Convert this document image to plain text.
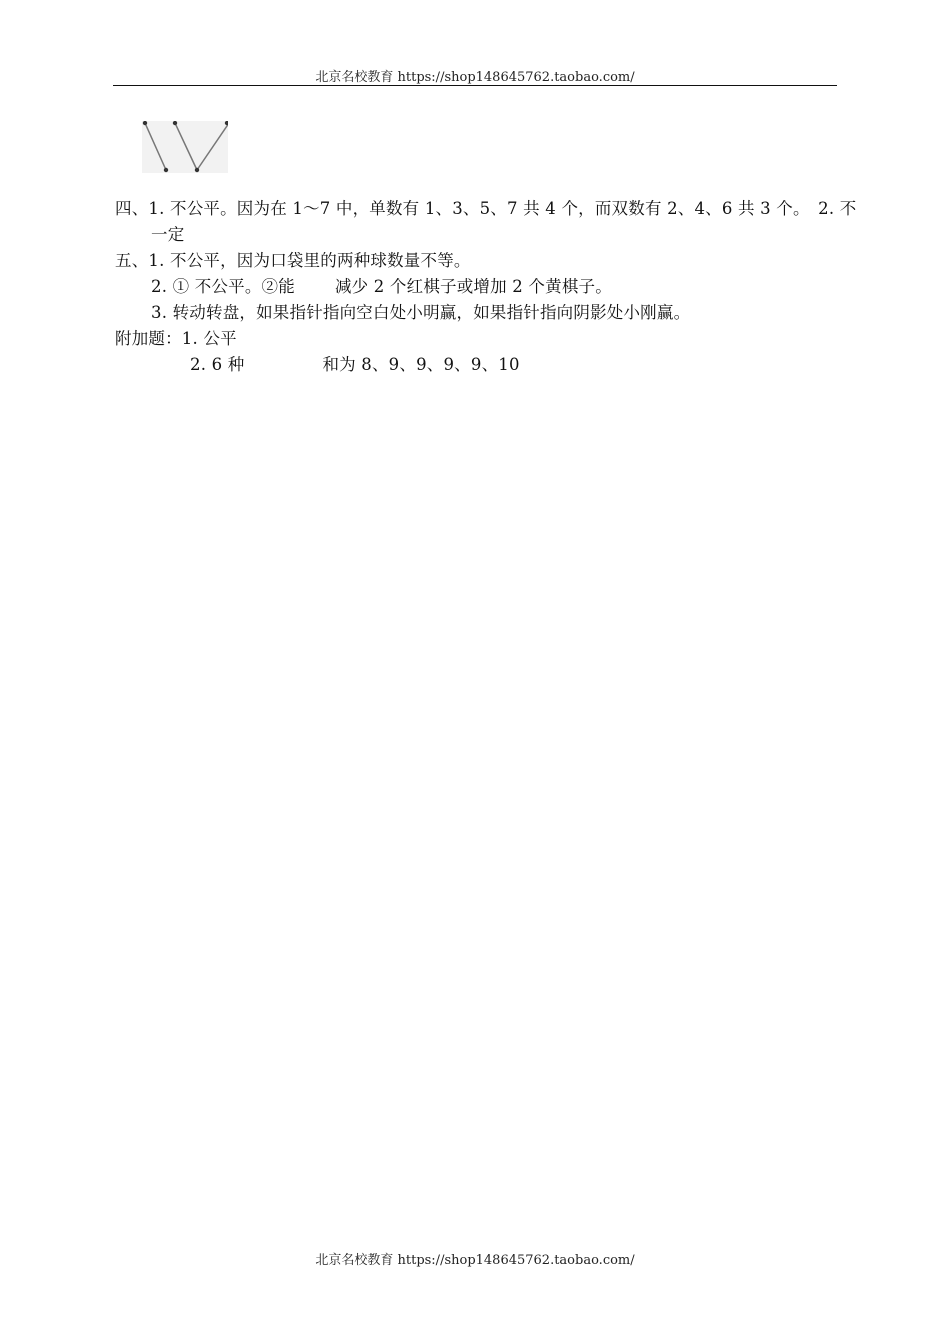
北京名校教育 https://shop148645762.taobao.com/
四、1. 不公平。因为在 1～7 中，单数有 1、3、5、7 共 4 个，而双数有 2、4、6 共 3 个。　2. 不
一定
五、1. 不公平，因为口袋里的两种球数量不等。
2. ① 不公平。②能 减少 2 个红棋子或增加 2 个黄棋子。
3. 转动转盘，如果指针指向空白处小明赢，如果指针指向阴影处小刚赢。
附加题：1. 公平
2. 6 种	和为 8、9、9、9、9、10
北京名校教育 https://shop148645762.taobao.com/
